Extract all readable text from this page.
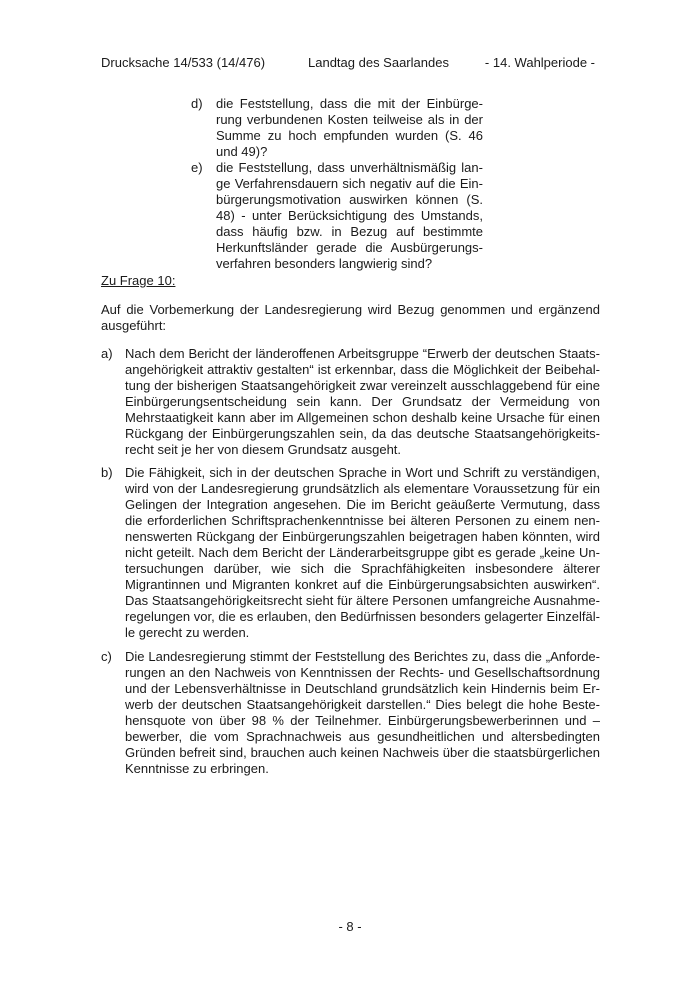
Drucksache 14/533 (14/476)	Landtag des Saarlandes	- 14. Wahlperiode -
d) die Feststellung, dass die mit der Einbürgerung verbundenen Kosten teilweise als in der Summe zu hoch empfunden wurden (S. 46 und 49)?
e) die Feststellung, dass unverhältnismäßig lange Verfahrensdauern sich negativ auf die Einbürgerungsmotivation auswirken können (S. 48) - unter Berücksichtigung des Umstands, dass häufig bzw. in Bezug auf bestimmte Herkunftsländer gerade die Ausbürgerungsverfahren besonders langwierig sind?
Zu Frage 10:
Auf die Vorbemerkung der Landesregierung wird Bezug genommen und ergänzend ausgeführt:
a) Nach dem Bericht der länderoffenen Arbeitsgruppe “Erwerb der deutschen Staatsangehörigkeit attraktiv gestalten“ ist erkennbar, dass die Möglichkeit der Beibehaltung der bisherigen Staatsangehörigkeit zwar vereinzelt ausschlaggebend für eine Einbürgerungsentscheidung sein kann. Der Grundsatz der Vermeidung von Mehrstaatigkeit kann aber im Allgemeinen schon deshalb keine Ursache für einen Rückgang der Einbürgerungszahlen sein, da das deutsche Staatsangehörigkeitsrecht seit je her von diesem Grundsatz ausgeht.
b) Die Fähigkeit, sich in der deutschen Sprache in Wort und Schrift zu verständigen, wird von der Landesregierung grundsätzlich als elementare Voraussetzung für ein Gelingen der Integration angesehen. Die im Bericht geäußerte Vermutung, dass die erforderlichen Schriftsprachenkenntnisse bei älteren Personen zu einem nennenswerten Rückgang der Einbürgerungszahlen beigetragen haben könnten, wird nicht geteilt. Nach dem Bericht der Länderarbeitsgruppe gibt es gerade „keine Untersuchungen darüber, wie sich die Sprachfähigkeiten insbesondere älterer Migrantinnen und Migranten konkret auf die Einbürgerungsabsichten auswirken“. Das Staatsangehörigkeitsrecht sieht für ältere Personen umfangreiche Ausnahmeregelungen vor, die es erlauben, den Bedürfnissen besonders gelagerter Einzelfälle gerecht zu werden.
c) Die Landesregierung stimmt der Feststellung des Berichtes zu, dass die „Anforderungen an den Nachweis von Kenntnissen der Rechts- und Gesellschaftsordnung und der Lebensverhältnisse in Deutschland grundsätzlich kein Hindernis beim Erwerb der deutschen Staatsangehörigkeit darstellen.“ Dies belegt die hohe Bestehensquote von über 98 % der Teilnehmer. Einbürgerungsbewerberinnen und – bewerber, die vom Sprachnachweis aus gesundheitlichen und altersbedingten Gründen befreit sind, brauchen auch keinen Nachweis über die staatsbürgerlichen Kenntnisse zu erbringen.
- 8 -
